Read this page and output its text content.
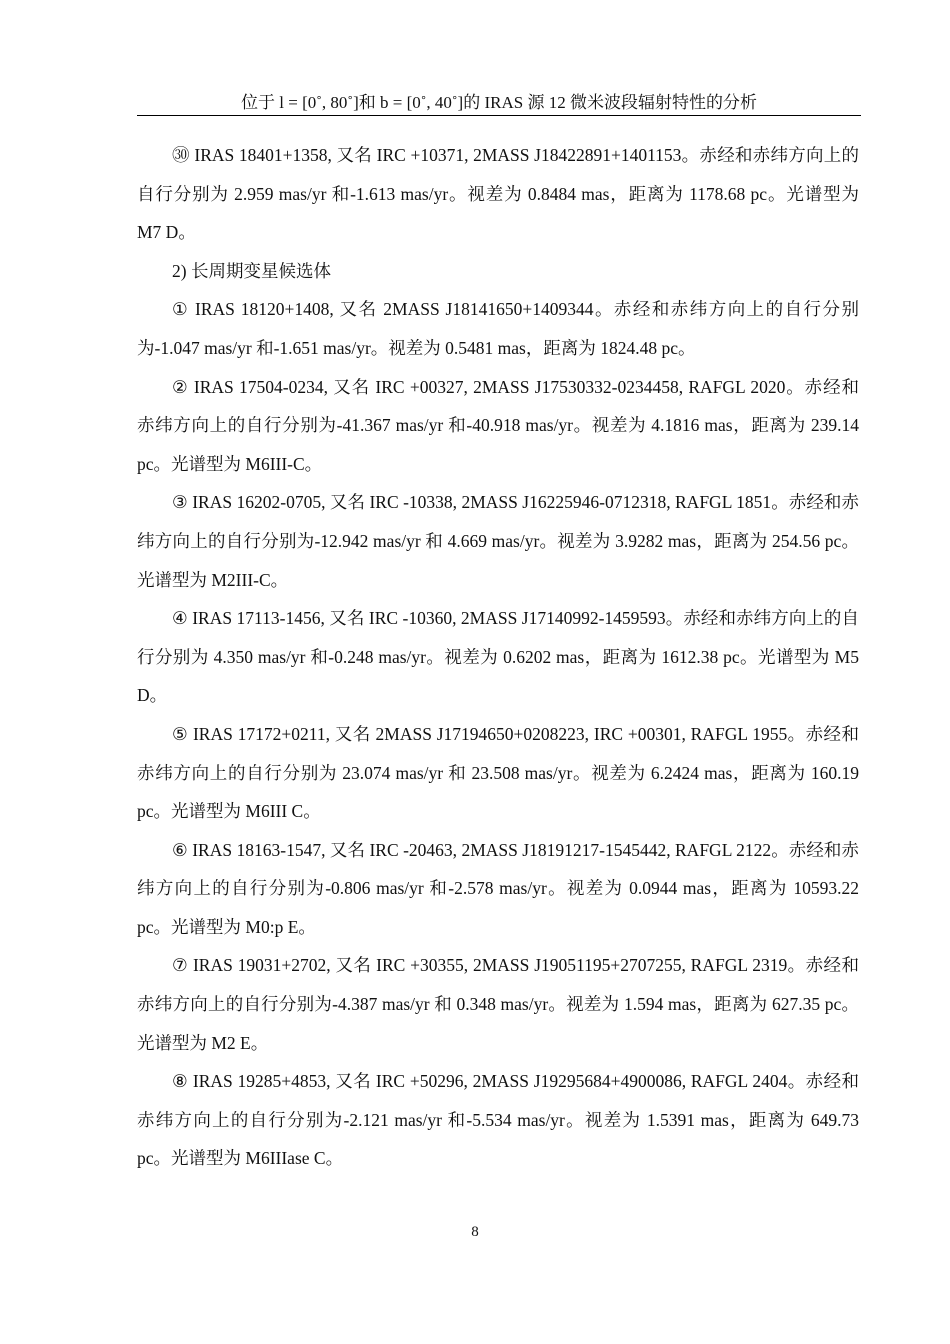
位于 l = [0˚, 80˚]和 b = [0˚, 40˚]的 IRAS 源 12 微米波段辐射特性的分析

㉚ IRAS 18401+1358, 又名 IRC +10371, 2MASS J18422891+1401153。赤经和赤纬方向上的自行分别为 2.959 mas/yr 和-1.613 mas/yr。视差为 0.8484 mas，距离为 1178.68 pc。光谱型为 M7 D。

2) 长周期变星候选体

① IRAS 18120+1408, 又名 2MASS J18141650+1409344。赤经和赤纬方向上的自行分别为-1.047 mas/yr 和-1.651 mas/yr。视差为 0.5481 mas，距离为 1824.48 pc。

② IRAS 17504-0234, 又名 IRC +00327, 2MASS J17530332-0234458, RAFGL 2020。赤经和赤纬方向上的自行分别为-41.367 mas/yr 和-40.918 mas/yr。视差为 4.1816 mas，距离为 239.14 pc。光谱型为 M6III-C。

③ IRAS 16202-0705, 又名 IRC -10338, 2MASS J16225946-0712318, RAFGL 1851。赤经和赤纬方向上的自行分别为-12.942 mas/yr 和 4.669 mas/yr。视差为 3.9282 mas，距离为 254.56 pc。光谱型为 M2III-C。

④ IRAS 17113-1456, 又名 IRC -10360, 2MASS J17140992-1459593。赤经和赤纬方向上的自行分别为 4.350 mas/yr 和-0.248 mas/yr。视差为 0.6202 mas，距离为 1612.38 pc。光谱型为 M5 D。

⑤ IRAS 17172+0211, 又名 2MASS J17194650+0208223, IRC +00301, RAFGL 1955。赤经和赤纬方向上的自行分别为 23.074 mas/yr 和 23.508 mas/yr。视差为 6.2424 mas，距离为 160.19 pc。光谱型为 M6III C。

⑥ IRAS 18163-1547, 又名 IRC -20463, 2MASS J18191217-1545442, RAFGL 2122。赤经和赤纬方向上的自行分别为-0.806 mas/yr 和-2.578 mas/yr。视差为 0.0944 mas，距离为 10593.22 pc。光谱型为 M0:p E。

⑦ IRAS 19031+2702, 又名 IRC +30355, 2MASS J19051195+2707255, RAFGL 2319。赤经和赤纬方向上的自行分别为-4.387 mas/yr 和 0.348 mas/yr。视差为 1.594 mas，距离为 627.35 pc。光谱型为 M2 E。

⑧ IRAS 19285+4853, 又名 IRC +50296, 2MASS J19295684+4900086, RAFGL 2404。赤经和赤纬方向上的自行分别为-2.121 mas/yr 和-5.534 mas/yr。视差为 1.5391 mas，距离为 649.73 pc。光谱型为 M6IIIase C。

8
